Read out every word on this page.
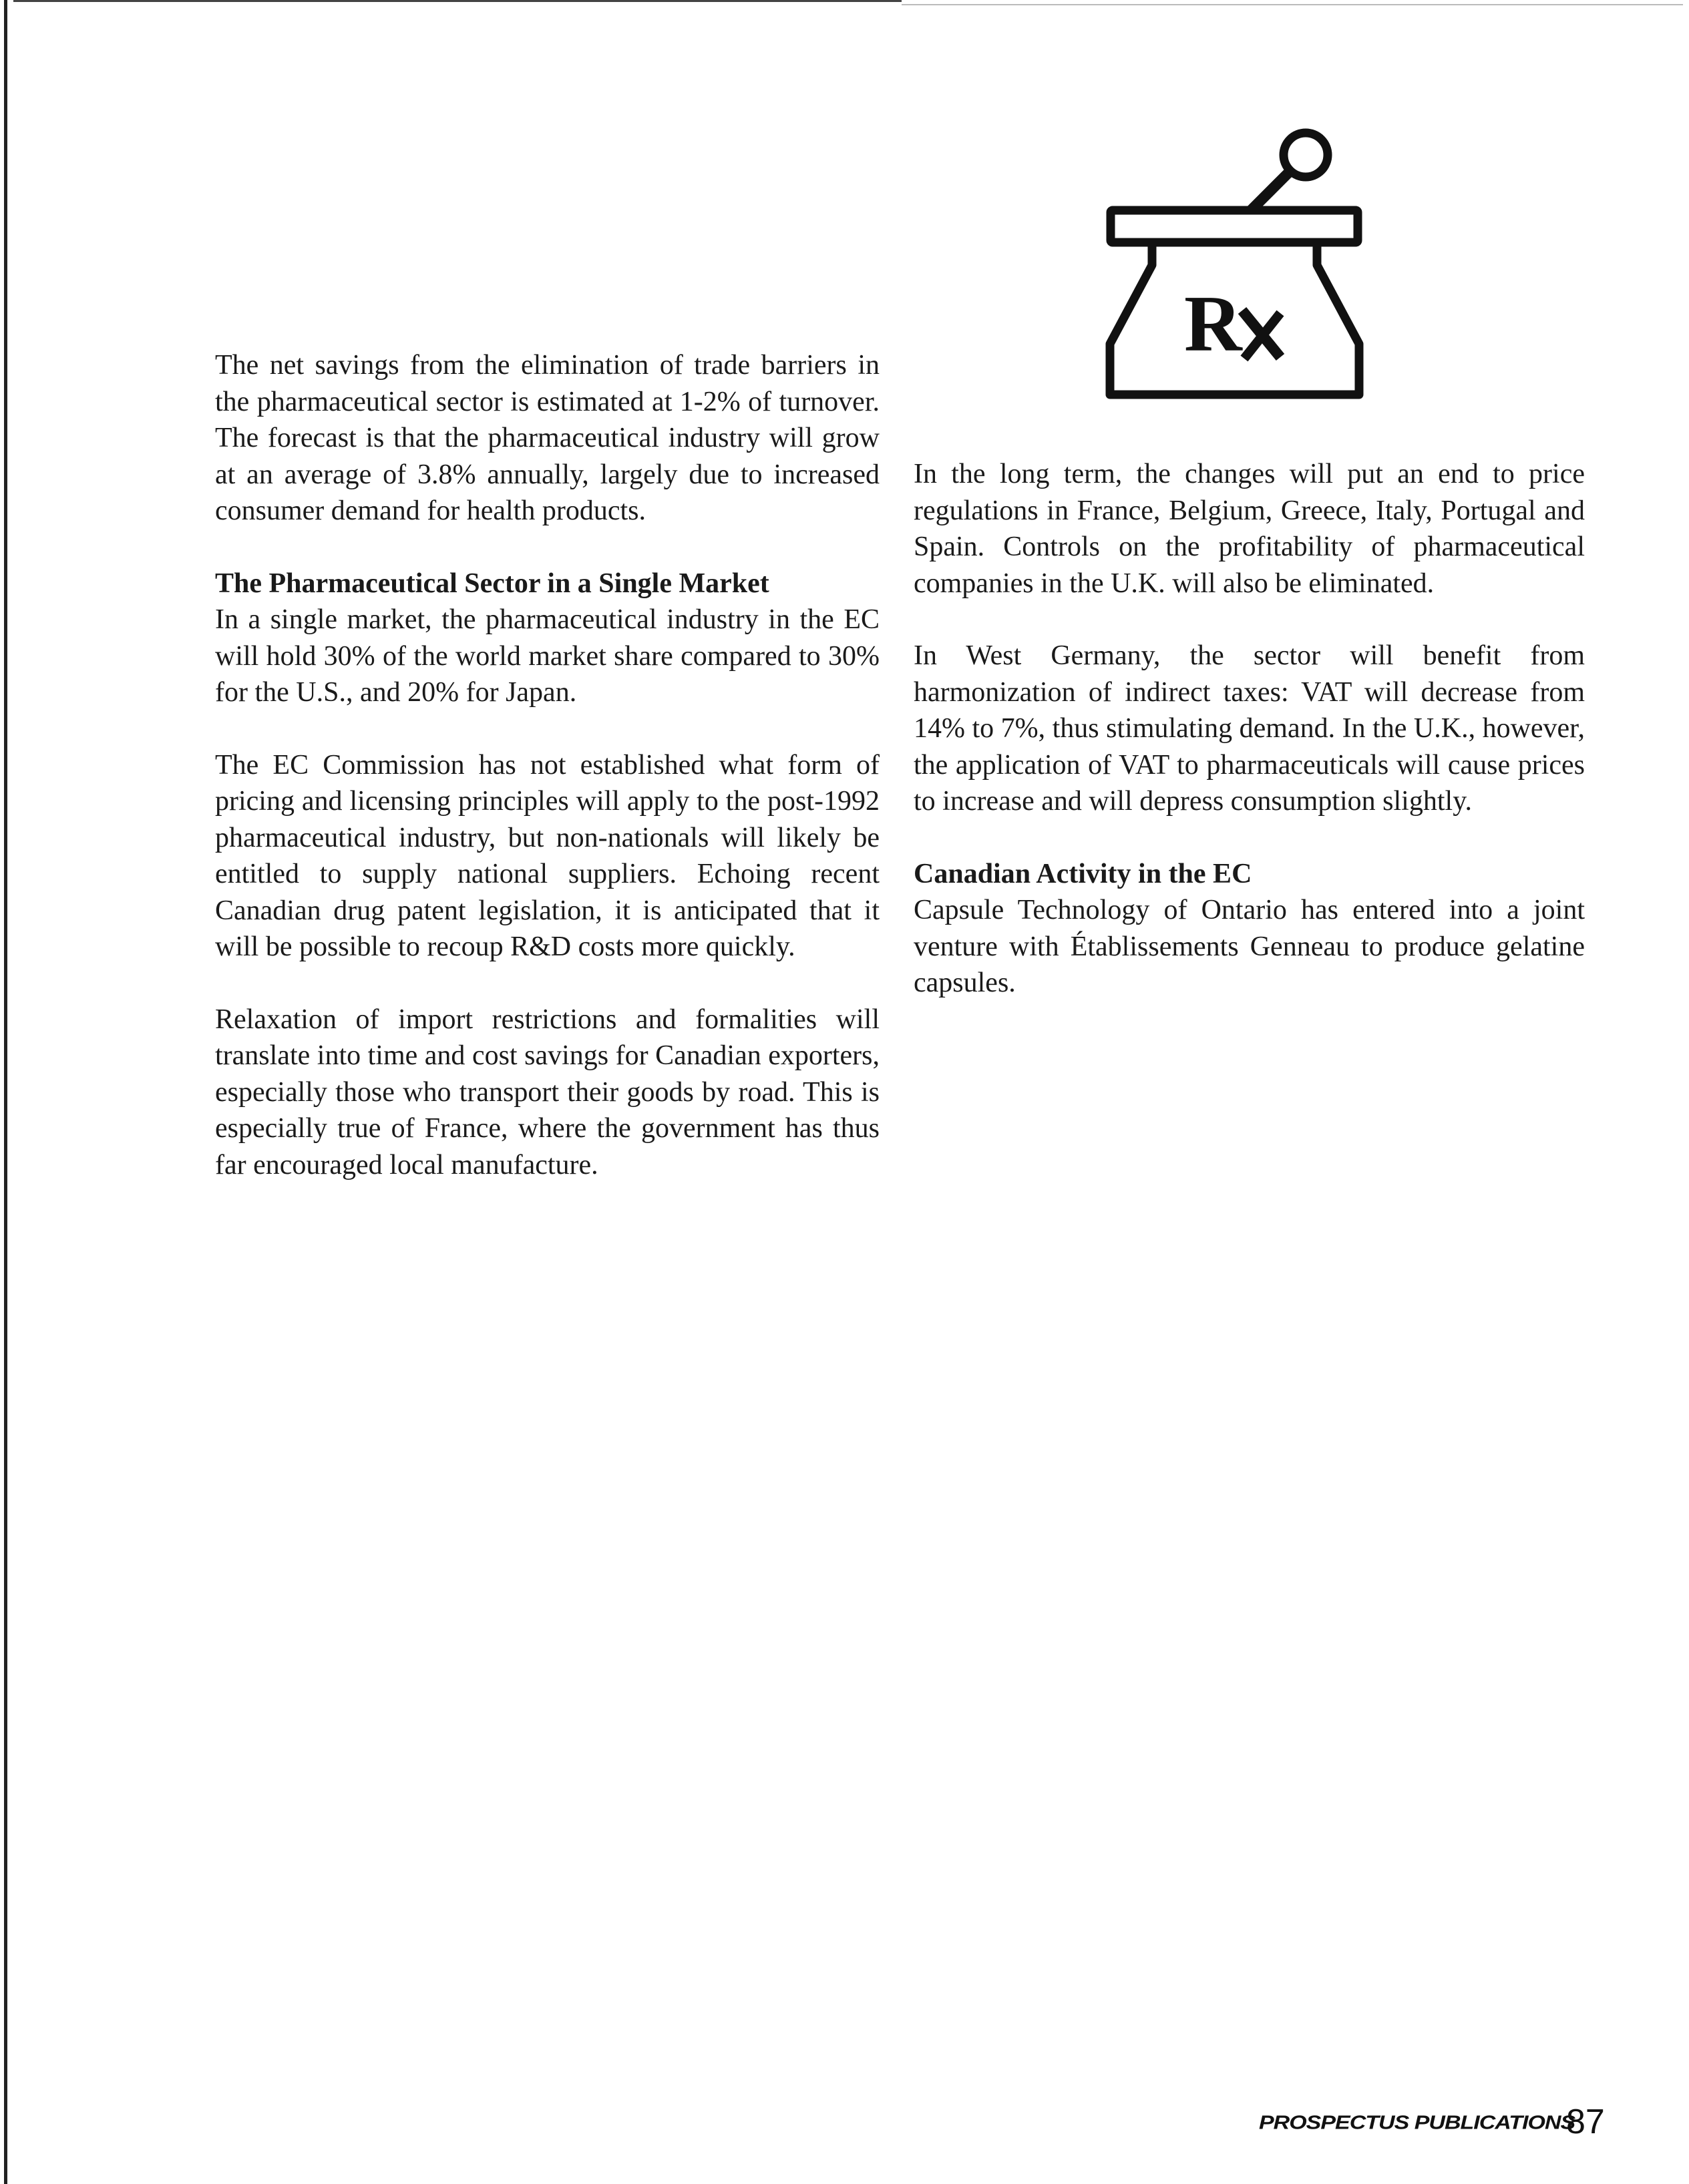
R

The net savings from the elimination of trade barriers in the pharmaceutical sector is estimated at 1-2% of turnover. The forecast is that the pharmaceutical industry will grow at an average of 3.8% annually, largely due to increased consumer demand for health products.

The Pharmaceutical Sector in a Single Market

In a single market, the pharmaceutical industry in the EC will hold 30% of the world market share compared to 30% for the U.S., and 20% for Japan.

The EC Commission has not established what form of pricing and licensing principles will apply to the post-1992 pharmaceutical industry, but non-nationals will likely be entitled to supply national suppliers. Echoing recent Canadian drug patent legislation, it is anticipated that it will be possible to recoup R&D costs more quickly.

Relaxation of import restrictions and formalities will translate into time and cost savings for Canadian exporters, especially those who transport their goods by road. This is especially true of France, where the government has thus far encouraged local manufacture.

In the long term, the changes will put an end to price regulations in France, Belgium, Greece, Italy, Portugal and Spain. Controls on the profitability of pharmaceutical companies in the U.K. will also be eliminated.

In West Germany, the sector will benefit from harmonization of indirect taxes: VAT will decrease from 14% to 7%, thus stimulating demand. In the U.K., however, the application of VAT to pharmaceuticals will cause prices to increase and will depress consumption slightly.

Canadian Activity in the EC

Capsule Technology of Ontario has entered into a joint venture with Établissements Genneau to produce gelatine capsules.

PROSPECTUS PUBLICATIONS
87
